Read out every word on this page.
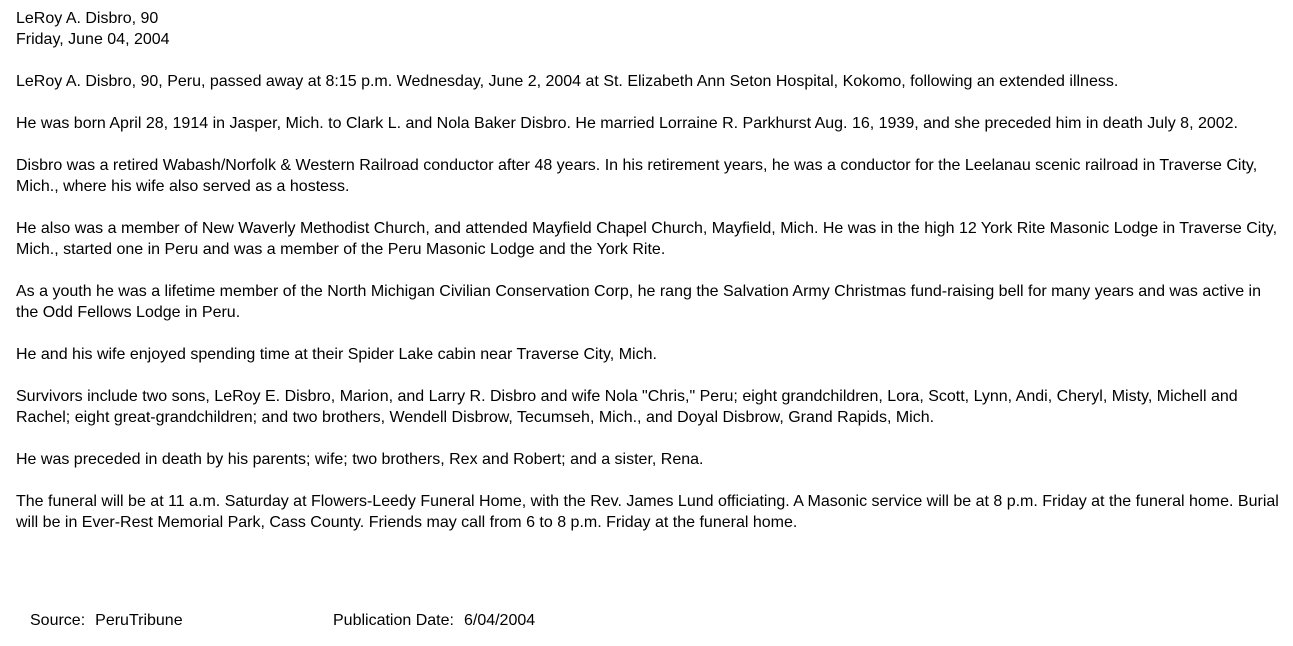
LeRoy A. Disbro, 90

Friday, June 04, 2004

LeRoy A. Disbro, 90, Peru, passed away at 8:15 p.m. Wednesday, June 2, 2004 at St. Elizabeth Ann Seton Hospital, Kokomo, following an extended illness.

He was born April 28, 1914 in Jasper, Mich. to Clark L. and Nola Baker Disbro. He married Lorraine R. Parkhurst Aug. 16, 1939, and she preceded him in death July 8, 2002.

Disbro was a retired Wabash/Norfolk & Western Railroad conductor after 48 years. In his retirement years, he was a conductor for the Leelanau scenic railroad in Traverse City, Mich., where his wife also served as a hostess.

He also was a member of New Waverly Methodist Church, and attended Mayfield Chapel Church, Mayfield, Mich. He was in the high 12 York Rite Masonic Lodge in Traverse City, Mich., started one in Peru and was a member of the Peru Masonic Lodge and the York Rite.

As a youth he was a lifetime member of the North Michigan Civilian Conservation Corp, he rang the Salvation Army Christmas fund-raising bell for many years and was active in the Odd Fellows Lodge in Peru.

He and his wife enjoyed spending time at their Spider Lake cabin near Traverse City, Mich.

Survivors include two sons, LeRoy E. Disbro, Marion, and Larry R. Disbro and wife Nola "Chris," Peru; eight grandchildren, Lora, Scott, Lynn, Andi, Cheryl, Misty, Michell and Rachel; eight great-grandchildren; and two brothers, Wendell Disbrow, Tecumseh, Mich., and Doyal Disbrow, Grand Rapids, Mich.

He was preceded in death by his parents; wife; two brothers, Rex and Robert; and a sister, Rena.

The funeral will be at 11 a.m. Saturday at Flowers-Leedy Funeral Home, with the Rev. James Lund officiating. A Masonic service will be at 8 p.m. Friday at the funeral home. Burial will be in Ever-Rest Memorial Park, Cass County. Friends may call from 6 to 8 p.m. Friday at the funeral home.

Source: PeruTribune	Publication Date: 6/04/2004
